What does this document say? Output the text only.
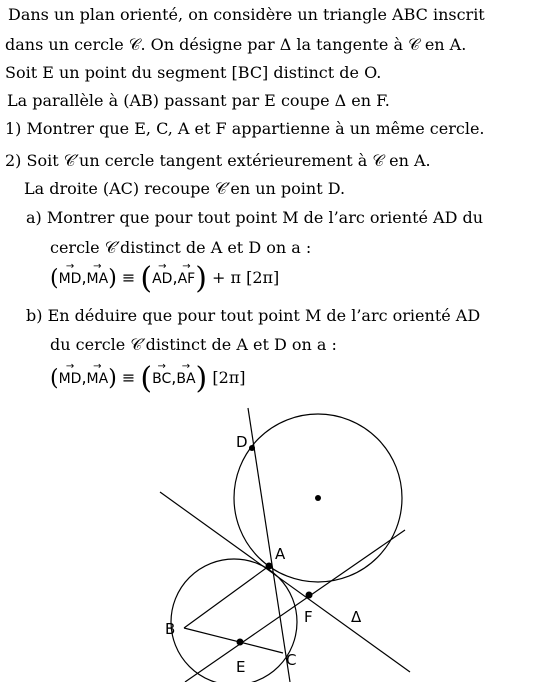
Dans un plan orienté, on considère un triangle ABC inscrit
dans un cercle 𝒞. On désigne par Δ la tangente à 𝒞 en A.
Soit E un point du segment [BC] distinct de O.
La parallèle à (AB) passant par E coupe Δ en F.
1) Montrer que E, C, A et F appartienne à un même cercle.
2) Soit 𝒞′un cercle tangent extérieurement à 𝒞 en A.
La droite (AC) recoupe 𝒞′en un point D.
a) Montrer que pour tout point M de l’arc orienté AD du
cercle 𝒞′distinct de A et D on a :
(→ MD,→ MA) ≡ (→ AD,→ AF) + π [2π]
b) En déduire que pour tout point M de l’arc orienté AD
du cercle 𝒞′distinct de A et D on a :
(→ MD,→ MA) ≡ (→ BC,→ BA) [2π]
D
A
F	Δ
B
E	C
